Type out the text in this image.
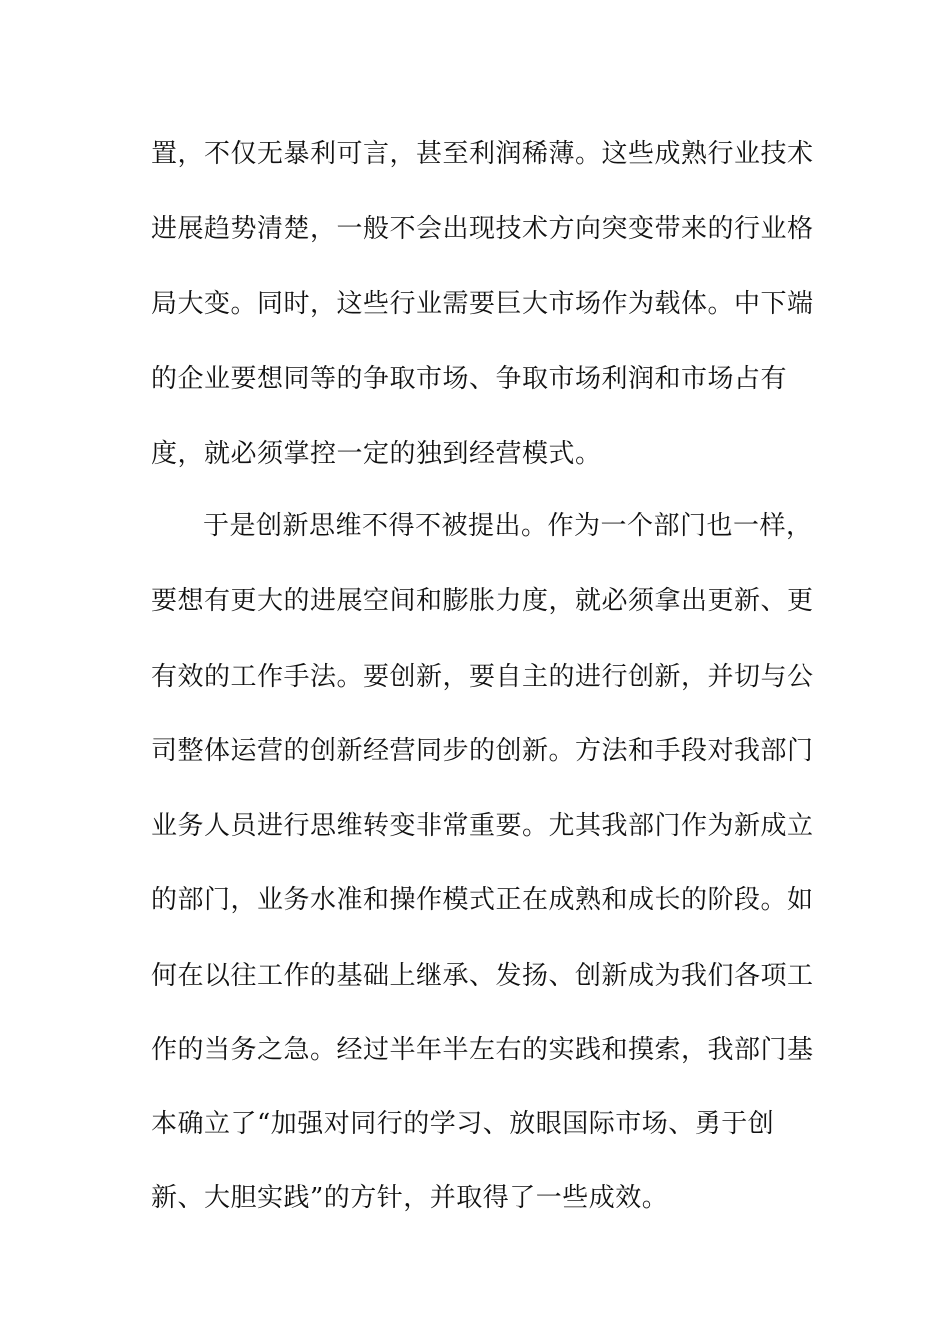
置，不仅无暴利可言，甚至利润稀薄。这些成熟行业技术
进展趋势清楚，一般不会出现技术方向突变带来的行业格
局大变。同时，这些行业需要巨大市场作为载体。中下端
的企业要想同等的争取市场、争取市场利润和市场占有
度，就必须掌控一定的独到经营模式。
于是创新思维不得不被提出。作为一个部门也一样，
要想有更大的进展空间和膨胀力度，就必须拿出更新、更
有效的工作手法。要创新，要自主的进行创新，并切与公
司整体运营的创新经营同步的创新。方法和手段对我部门
业务人员进行思维转变非常重要。尤其我部门作为新成立
的部门，业务水准和操作模式正在成熟和成长的阶段。如
何在以往工作的基础上继承、发扬、创新成为我们各项工
作的当务之急。经过半年半左右的实践和摸索，我部门基
本确立了“加强对同行的学习、放眼国际市场、勇于创
新、大胆实践”的方针，并取得了一些成效。
